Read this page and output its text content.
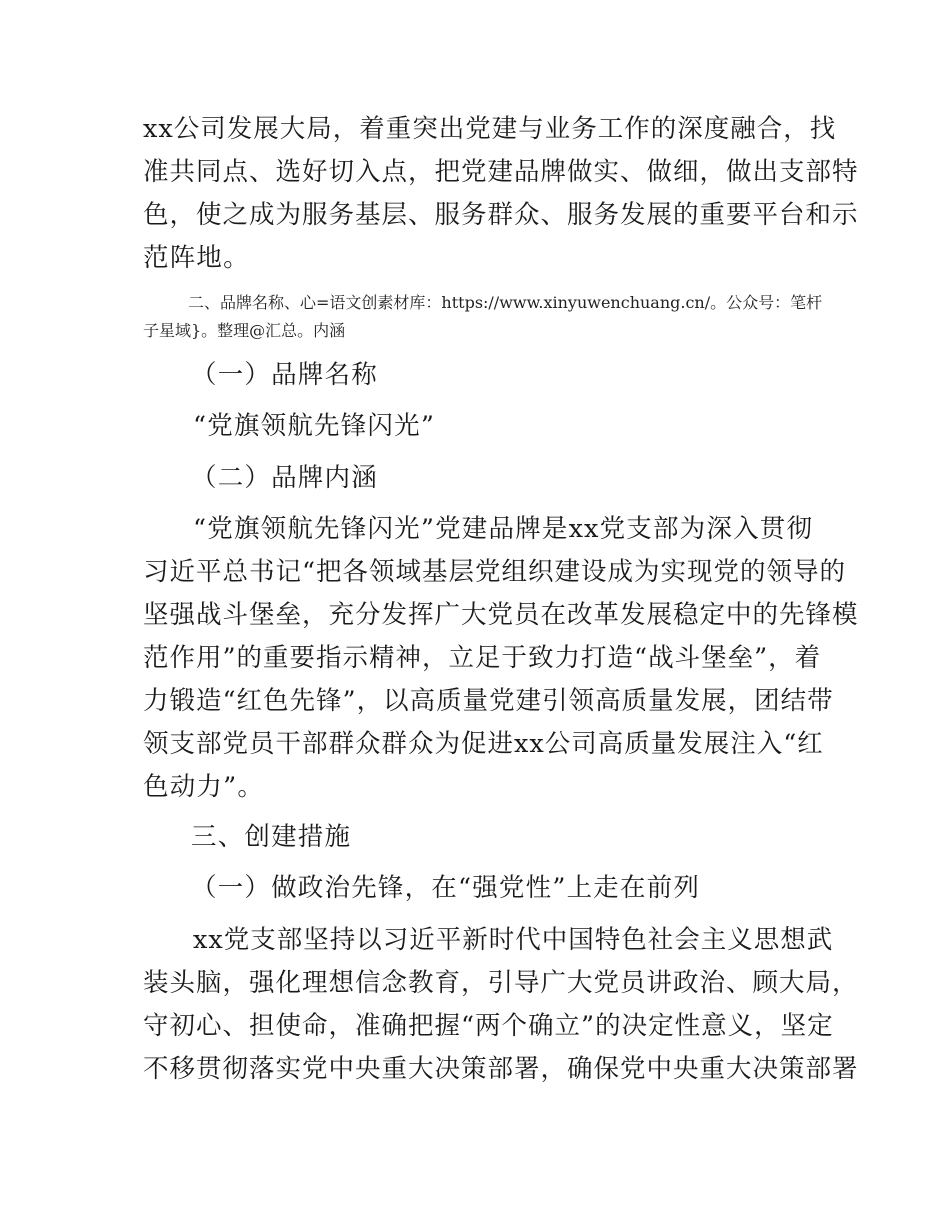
xx公司发展大局，着重突出党建与业务工作的深度融合，找
准共同点、选好切入点，把党建品牌做实、做细，做出支部特
色，使之成为服务基层、服务群众、服务发展的重要平台和示
范阵地。
二、品牌名称、心=语文创素材库：https://www.xinyuwenchuang.cn/。公众号：笔杆
子星域}。整理@汇总。内涵
（一）品牌名称
“党旗领航先锋闪光”
（二）品牌内涵
“党旗领航先锋闪光”党建品牌是xx党支部为深入贯彻
习近平总书记“把各领域基层党组织建设成为实现党的领导的
坚强战斗堡垒，充分发挥广大党员在改革发展稳定中的先锋模
范作用”的重要指示精神，立足于致力打造“战斗堡垒”，着
力锻造“红色先锋”，以高质量党建引领高质量发展，团结带
领支部党员干部群众群众为促进xx公司高质量发展注入“红
色动力”。
三、创建措施
（一）做政治先锋，在“强党性”上走在前列
xx党支部坚持以习近平新时代中国特色社会主义思想武
装头脑，强化理想信念教育，引导广大党员讲政治、顾大局，
守初心、担使命，准确把握“两个确立”的决定性意义，坚定
不移贯彻落实党中央重大决策部署，确保党中央重大决策部署
